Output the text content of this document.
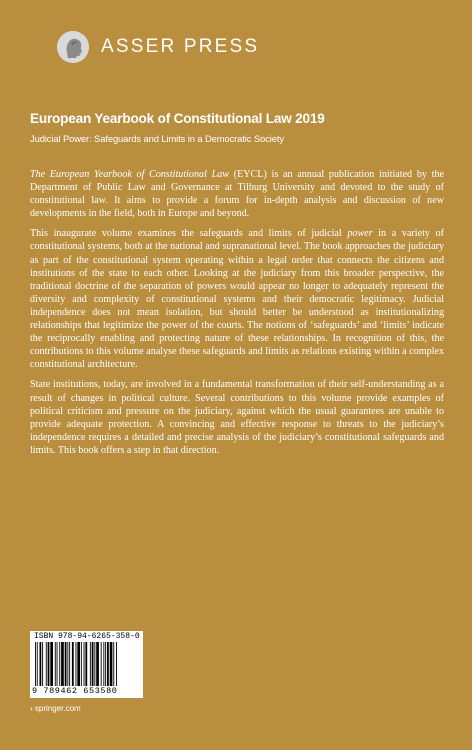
ASSER PRESS
European Yearbook of Constitutional Law 2019
Judicial Power: Safeguards and Limits in a Democratic Society

The European Yearbook of Constitutional Law (EYCL) is an annual publication initiated by the Department of Public Law and Governance at Tilburg University and devoted to the study of constitutional law. It aims to provide a forum for in-depth analysis and discussion of new developments in the field, both in Europe and beyond.

This inaugurate volume examines the safeguards and limits of judicial power in a variety of constitutional systems, both at the national and supranational level. The book approaches the judiciary as part of the constitutional system operating within a legal order that connects the citizens and institutions of the state to each other. Looking at the judiciary from this broader perspective, the traditional doctrine of the separation of powers would appear no longer to adequately represent the diversity and complexity of constitutional systems and their democratic legitimacy. Judicial independence does not mean isolation, but should better be understood as institutionalizing relationships that legitimize the power of the courts. The notions of ‘safeguards’ and ‘limits’ indicate the reciprocally enabling and protecting nature of these relationships. In recognition of this, the contributions to this volume analyse these safeguards and limits as relations existing within a complex constitutional architecture.

State institutions, today, are involved in a fundamental transformation of their self-understanding as a result of changes in political culture. Several contributions to this volume provide examples of political criticism and pressure on the judiciary, against which the usual guarantees are unable to provide adequate protection. A convincing and effective response to threats to the judiciary’s independence requires a detailed and precise analysis of the judiciary’s constitutional safeguards and limits. This book offers a step in that direction.

ISBN 978-94-6265-358-0
9 789462 653580
› springer.com
